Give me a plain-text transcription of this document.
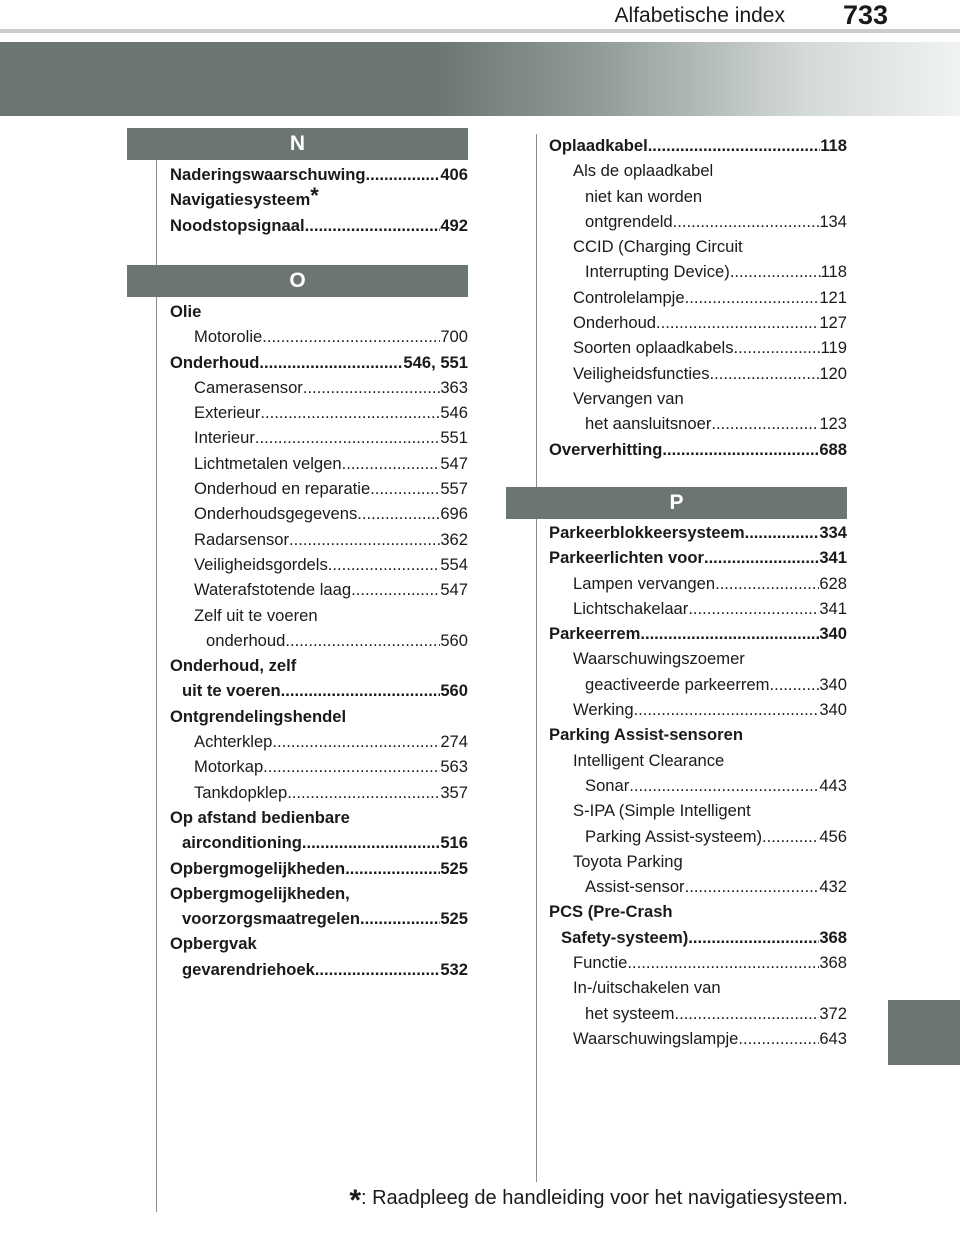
Alfabetische index 733
N
Naderingswaarschuwing .....	406
Navigatiesysteem *
Noodstopsignaal .....	492
O
Olie
Motorolie .....	700
Onderhoud .....	546, 551
Camerasensor .....	363
Exterieur .....	546
Interieur .....	551
Lichtmetalen velgen .....	547
Onderhoud en reparatie .....	557
Onderhoudsgegevens .....	696
Radarsensor .....	362
Veiligheidsgordels .....	554
Waterafstotende laag .....	547
Zelf uit te voeren
onderhoud .....	560
Onderhoud, zelf
uit te voeren .....	560
Ontgrendelingshendel
Achterklep .....	274
Motorkap .....	563
Tankdopklep .....	357
Op afstand bedienbare
airconditioning .....	516
Opbergmogelijkheden .....	525
Opbergmogelijkheden,
voorzorgsmaatregelen .....	525
Opbergvak
gevarendriehoek .....	532
Oplaadkabel .....	118
Als de oplaadkabel
niet kan worden
ontgrendeld .....	134
CCID (Charging Circuit
Interrupting Device) .....	118
Controlelampje .....	121
Onderhoud .....	127
Soorten oplaadkabels .....	119
Veiligheidsfuncties .....	120
Vervangen van
het aansluitsnoer .....	123
Oververhitting .....	688
P
Parkeerblokkeersysteem .....	334
Parkeerlichten voor .....	341
Lampen vervangen .....	628
Lichtschakelaar .....	341
Parkeerrem .....	340
Waarschuwingszoemer
geactiveerde parkeerrem .....	340
Werking .....	340
Parking Assist-sensoren
Intelligent Clearance
Sonar .....	443
S-IPA (Simple Intelligent
Parking Assist-systeem) .....	456
Toyota Parking
Assist-sensor .....	432
PCS (Pre-Crash
Safety-systeem) .....	368
Functie .....	368
In-/uitschakelen van
het systeem .....	372
Waarschuwingslampje .....	643
*: Raadpleeg de handleiding voor het navigatiesysteem.
